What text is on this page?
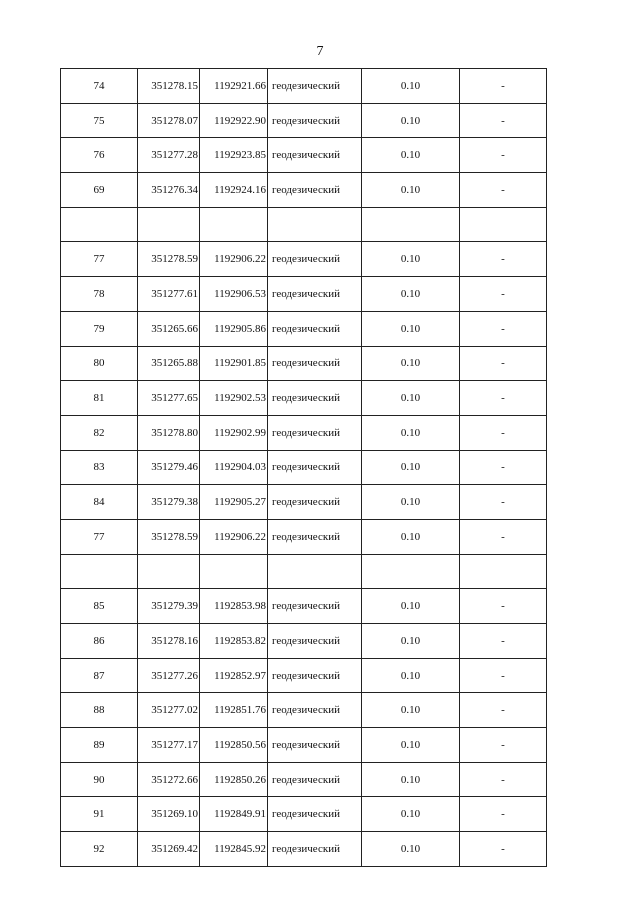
7
74	351278.15	1192921.66	геодезический	0.10	-
75	351278.07	1192922.90	геодезический	0.10	-
76	351277.28	1192923.85	геодезический	0.10	-
69	351276.34	1192924.16	геодезический	0.10	-

77	351278.59	1192906.22	геодезический	0.10	-
78	351277.61	1192906.53	геодезический	0.10	-
79	351265.66	1192905.86	геодезический	0.10	-
80	351265.88	1192901.85	геодезический	0.10	-
81	351277.65	1192902.53	геодезический	0.10	-
82	351278.80	1192902.99	геодезический	0.10	-
83	351279.46	1192904.03	геодезический	0.10	-
84	351279.38	1192905.27	геодезический	0.10	-
77	351278.59	1192906.22	геодезический	0.10	-

85	351279.39	1192853.98	геодезический	0.10	-
86	351278.16	1192853.82	геодезический	0.10	-
87	351277.26	1192852.97	геодезический	0.10	-
88	351277.02	1192851.76	геодезический	0.10	-
89	351277.17	1192850.56	геодезический	0.10	-
90	351272.66	1192850.26	геодезический	0.10	-
91	351269.10	1192849.91	геодезический	0.10	-
92	351269.42	1192845.92	геодезический	0.10	-
